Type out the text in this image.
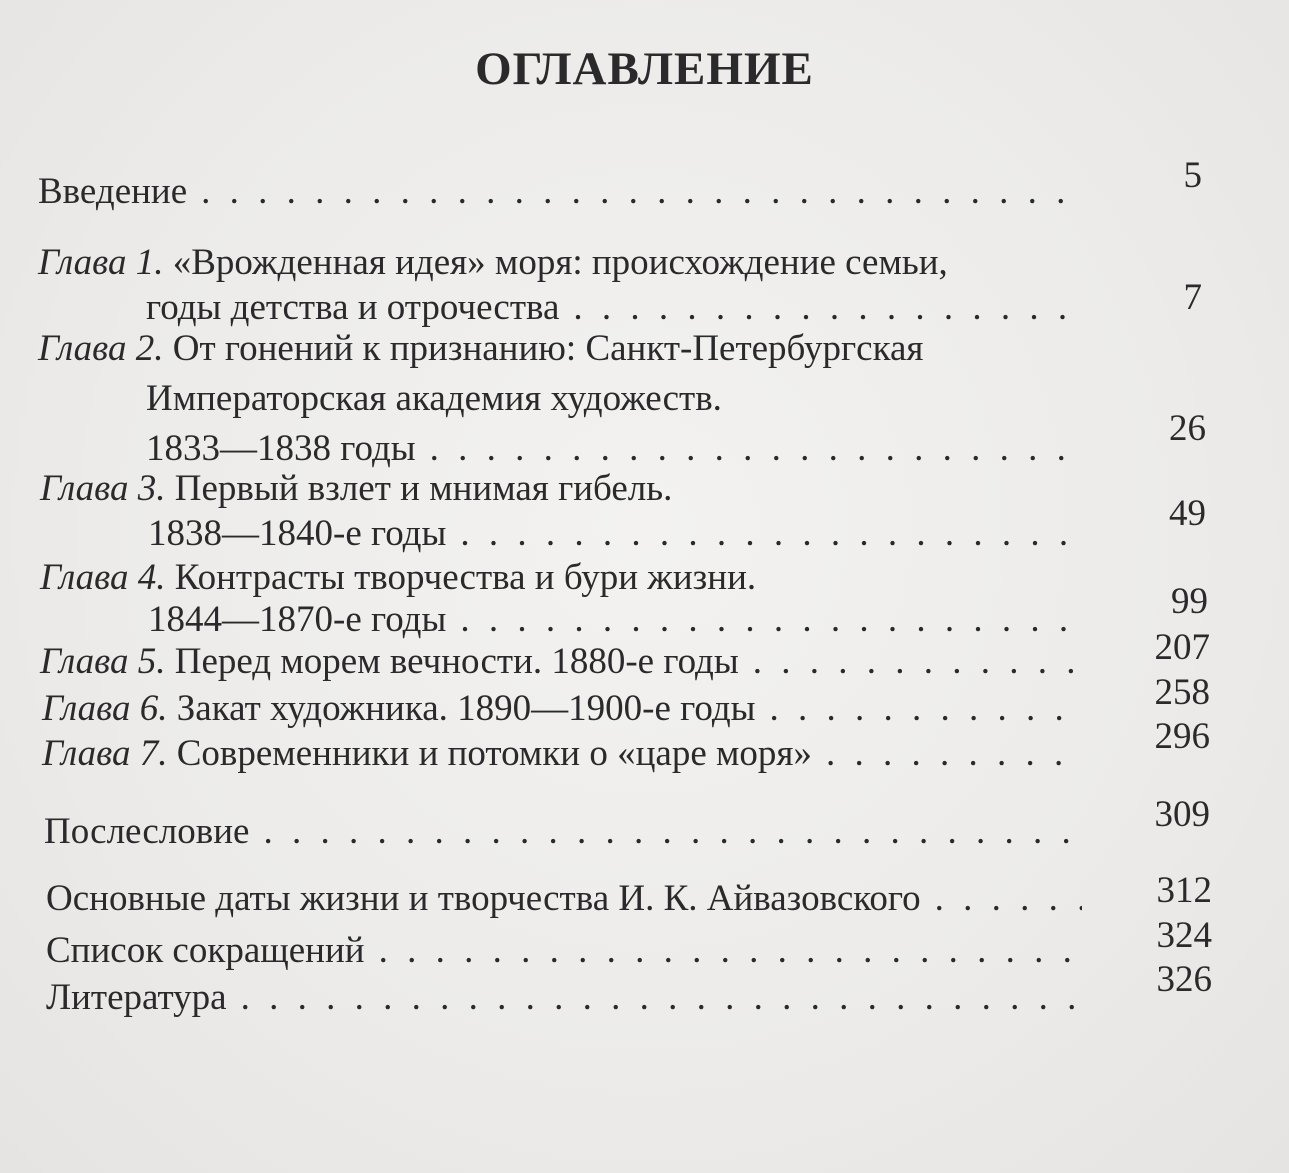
ОГЛАВЛЕНИЕ
Введение . . .	5
Глава 1. «Врожденная идея» моря: происхождение семьи,
годы детства и отрочества . . .	7
Глава 2. От гонений к признанию: Санкт-Петербургская
Императорская академия художеств.
1833—1838 годы . . .	26
Глава 3. Первый взлет и мнимая гибель.
1838—1840-е годы . . .	49
Глава 4. Контрасты творчества и бури жизни.
1844—1870-е годы . . .	99
Глава 5. Перед морем вечности. 1880-е годы . . .	207
Глава 6. Закат художника. 1890—1900-е годы . . .	258
Глава 7. Современники и потомки о «царе моря» . . .	296
Послесловие . . .	309
Основные даты жизни и творчества И. К. Айвазовского . . .	312
Список сокращений . . .	324
Литература . . .	326
